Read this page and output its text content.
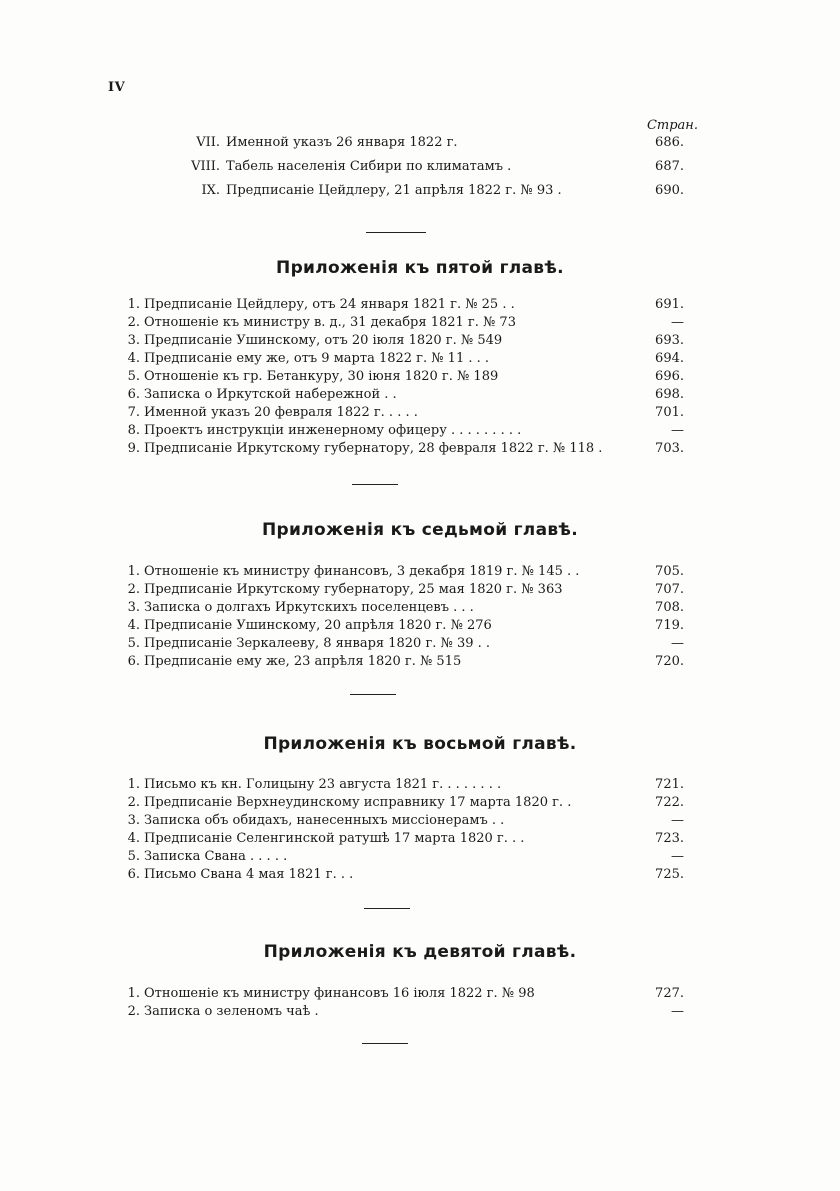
IV
Стран.
VII. Именной указъ 26 января 1822 г.	686.
VIII. Табель населенія Сибири по климатамъ .	687.
IX. Предписаніе Цейдлеру, 21 апрѣля 1822 г. № 93 .	690.
Приложенія къ пятой главѣ.
1. Предписаніе Цейдлеру, отъ 24 января 1821 г. № 25 . .	691.
2. Отношеніе къ министру в. д., 31 декабря 1821 г. № 73	—
3. Предписаніе Ушинскому, отъ 20 іюля 1820 г. № 549	693.
4. Предписаніе ему же, отъ 9 марта 1822 г. № 11 . . .	694.
5. Отношеніе къ гр. Бетанкуру, 30 іюня 1820 г. № 189	696.
6. Записка о Иркутской набережной . .	698.
7. Именной указъ 20 февраля 1822 г. . . . .	701.
8. Проектъ инструкціи инженерному офицеру . . . . . . . . .	—
9. Предписаніе Иркутскому губернатору, 28 февраля 1822 г. № 118 .	703.
Приложенія къ седьмой главѣ.
1. Отношеніе къ министру финансовъ, 3 декабря 1819 г. № 145 . .	705.
2. Предписаніе Иркутскому губернатору, 25 мая 1820 г. № 363	707.
3. Записка о долгахъ Иркутскихъ поселенцевъ . . .	708.
4. Предписаніе Ушинскому, 20 апрѣля 1820 г. № 276	719.
5. Предписаніе Зеркалееву, 8 января 1820 г. № 39 . .	—
6. Предписаніе ему же, 23 апрѣля 1820 г. № 515	720.
Приложенія къ восьмой главѣ.
1. Письмо къ кн. Голицыну 23 августа 1821 г. . . . . . . .	721.
2. Предписаніе Верхнеудинскому исправнику 17 марта 1820 г. .	722.
3. Записка объ обидахъ, нанесенныхъ миссіонерамъ . .	—
4. Предписаніе Селенгинской ратушѣ 17 марта 1820 г. . .	723.
5. Записка Свана . . . . .	—
6. Письмо Свана 4 мая 1821 г. . .	725.
Приложенія къ девятой главѣ.
1. Отношеніе къ министру финансовъ 16 іюля 1822 г. № 98	727.
2. Записка о зеленомъ чаѣ .	—
